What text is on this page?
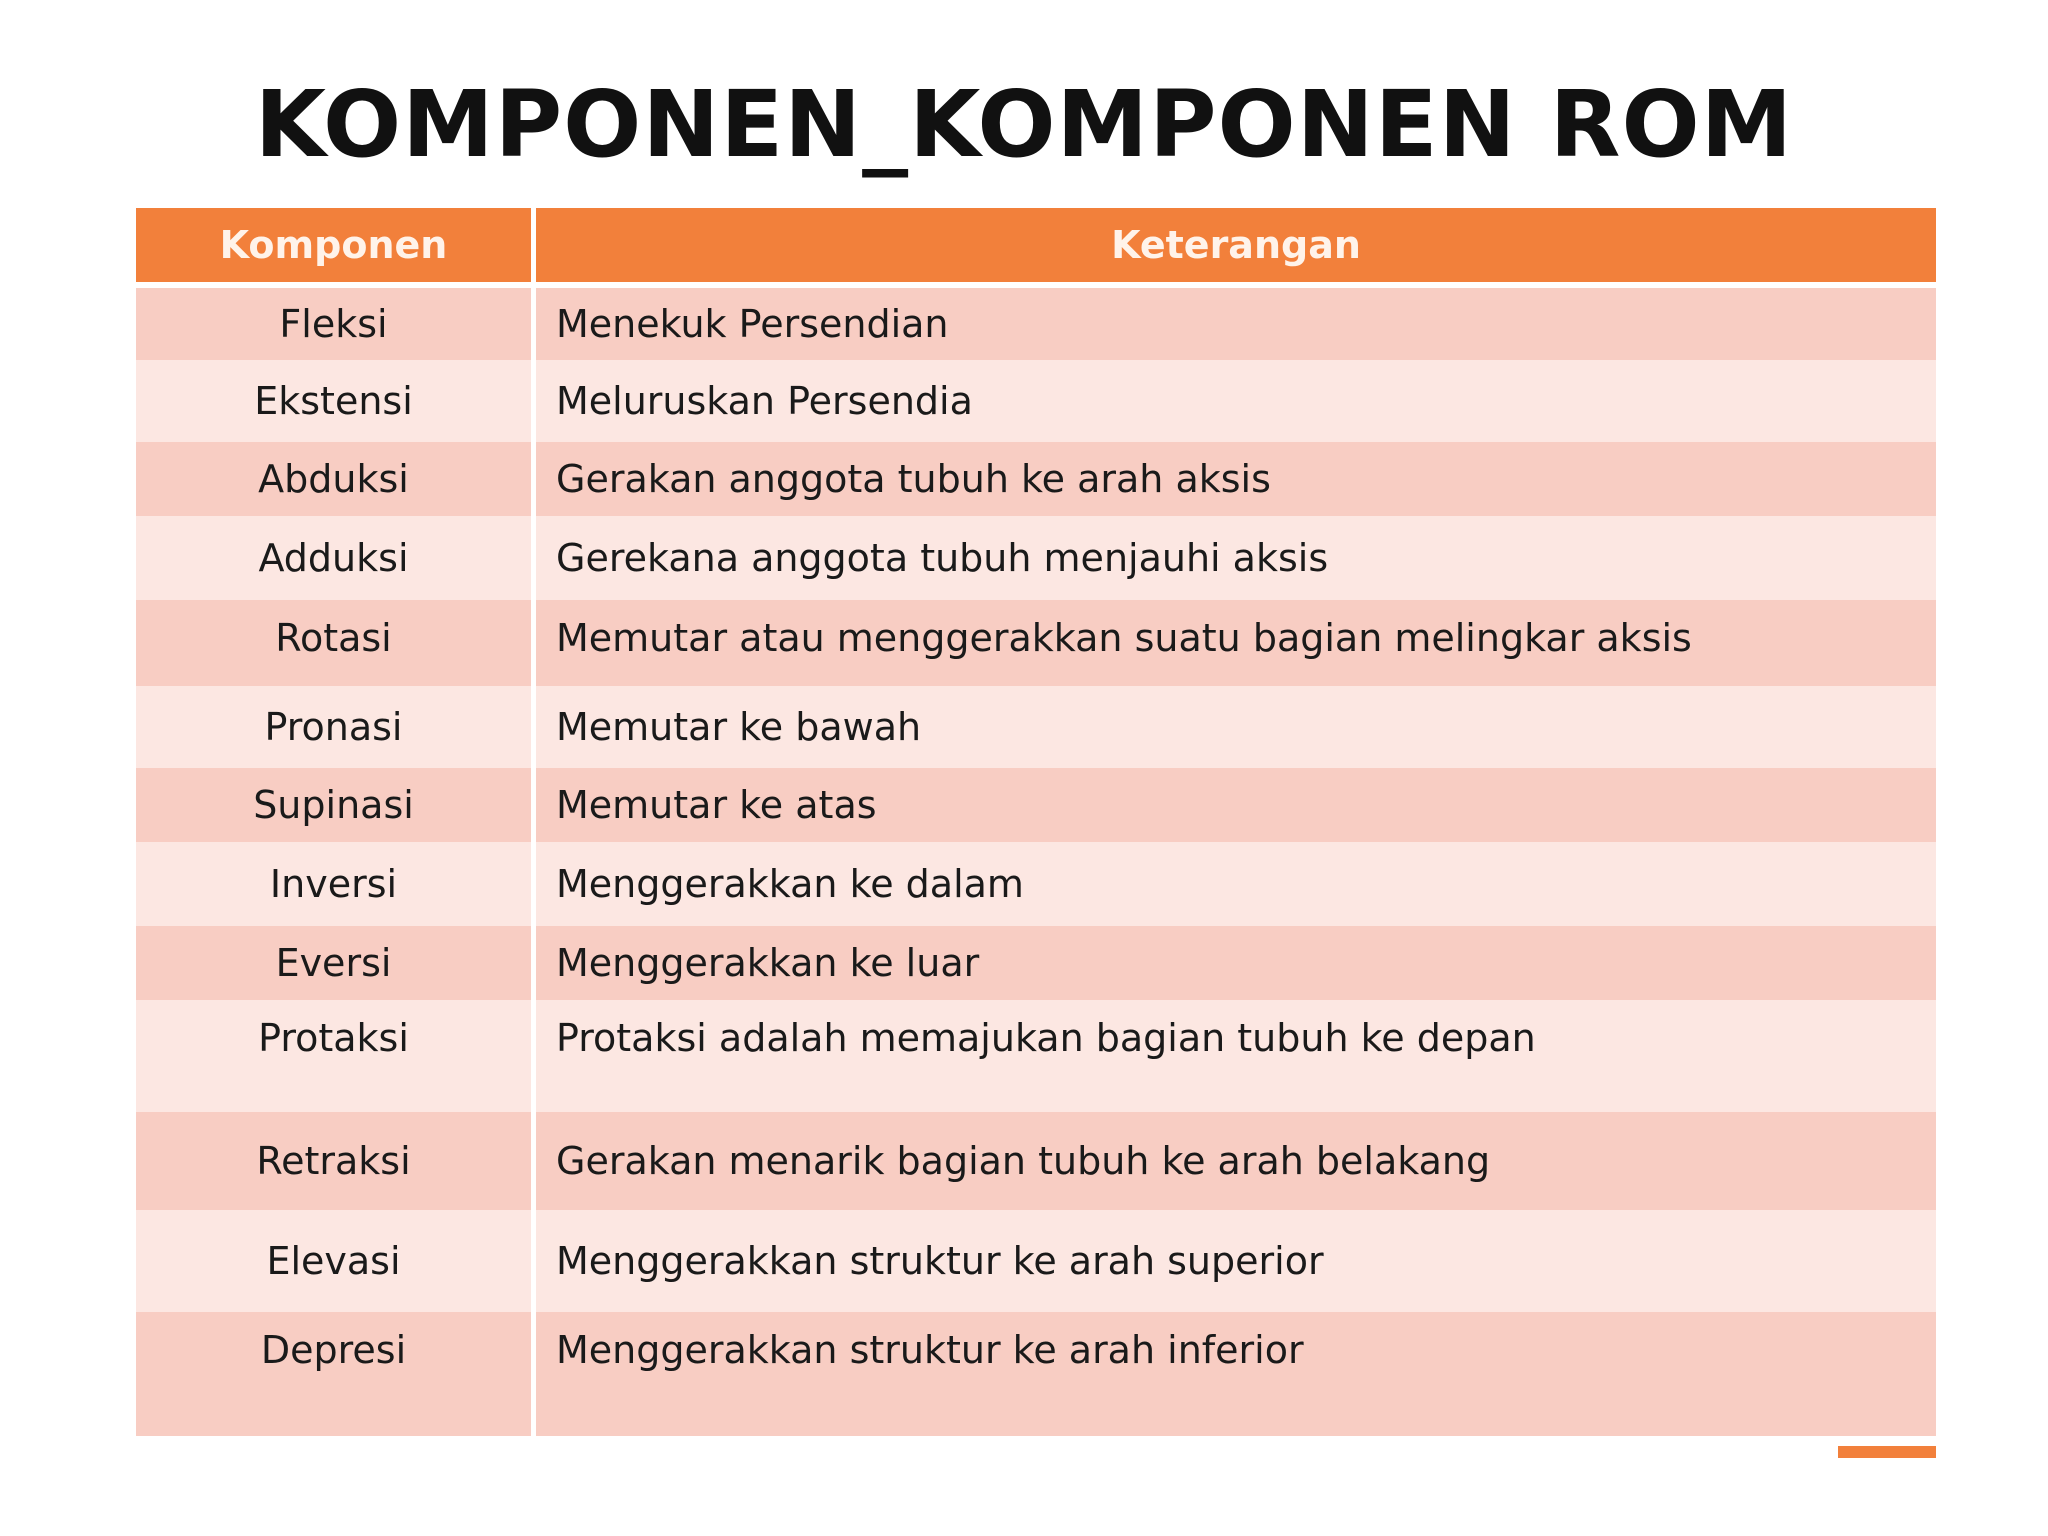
KOMPONEN_KOMPONEN ROM
Komponen	Keterangan
Fleksi	Menekuk Persendian
Ekstensi	Meluruskan Persendia
Abduksi	Gerakan anggota tubuh ke arah aksis
Adduksi	Gerekana anggota tubuh menjauhi aksis
Rotasi	Memutar atau menggerakkan suatu bagian melingkar aksis
Pronasi	Memutar ke bawah
Supinasi	Memutar ke atas
Inversi	Menggerakkan ke dalam
Eversi	Menggerakkan ke luar
Protaksi	Protaksi adalah memajukan bagian tubuh ke depan
Retraksi	Gerakan menarik bagian tubuh ke arah belakang
Elevasi	Menggerakkan struktur ke arah superior
Depresi	Menggerakkan struktur ke arah inferior
